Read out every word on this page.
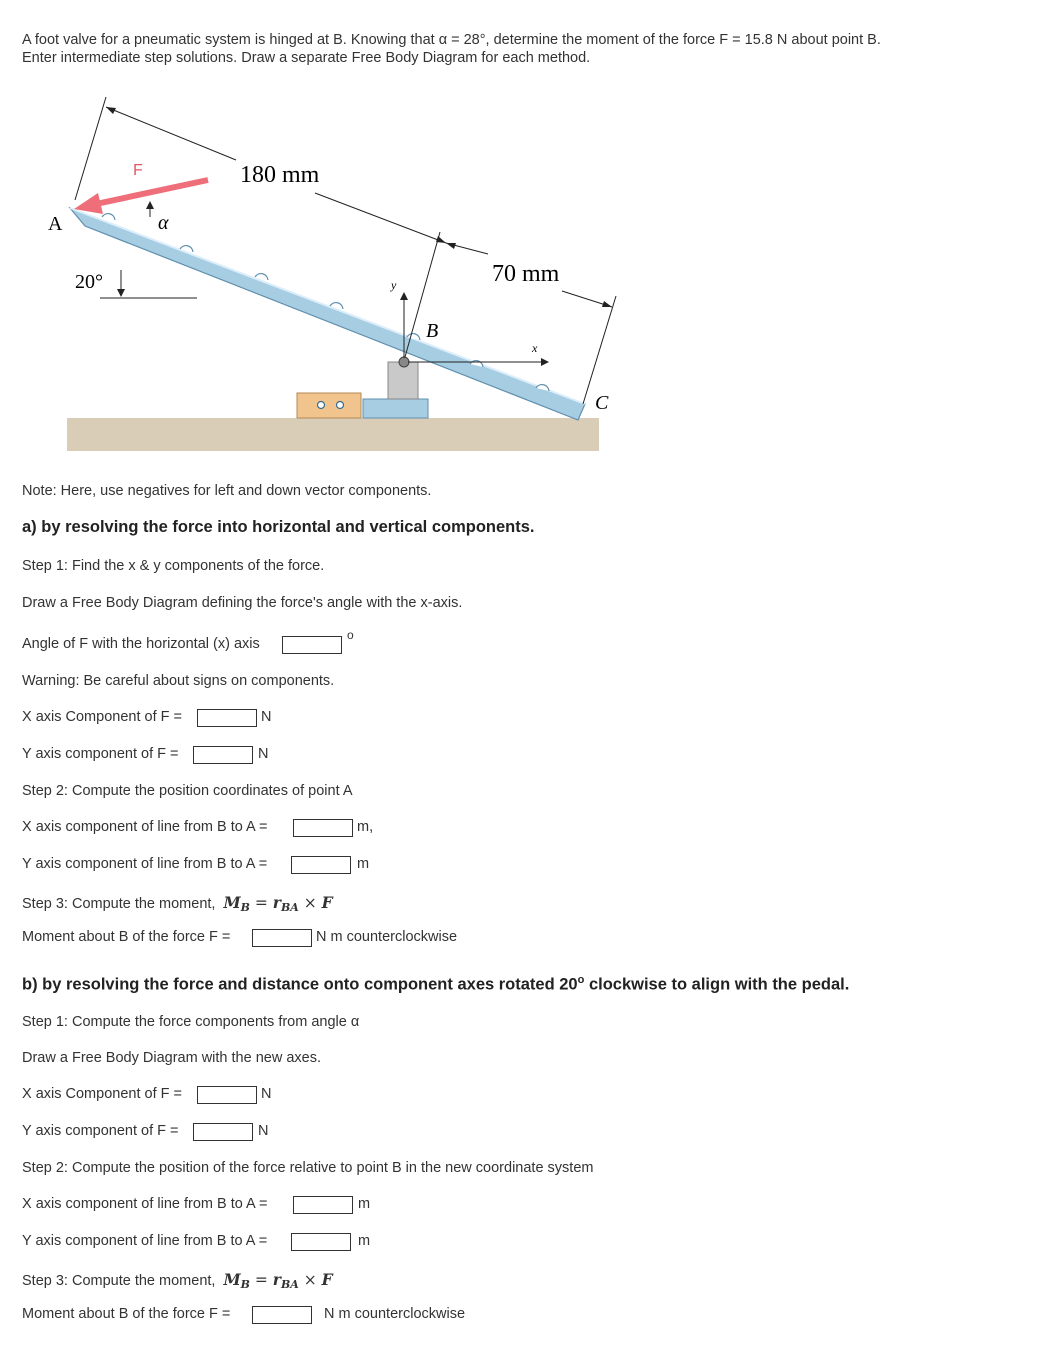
A foot valve for a pneumatic system is hinged at B. Knowing that α = 28°, determine the moment of the force F = 15.8 N about point B.
Enter intermediate step solutions. Draw a separate Free Body Diagram for each method.
A
F
α
20°
180 mm
70 mm
B
C
y
x
Note: Here, use negatives for left and down vector components.
a) by resolving the force into horizontal and vertical components.
Step 1: Find the x & y components of the force.
Draw a Free Body Diagram defining the force's angle with the x-axis.
Angle of F with the horizontal (x) axis
o
Warning: Be careful about signs on components.
X axis Component of F =	N
Y axis component of F =	N
Step 2: Compute the position coordinates of point A
X axis component of line from B to A =	m,
Y axis component of line from B to A =	m
Step 3: Compute the moment, $M_B = r_{BA} \times F$
Moment about B of the force F =	N m counterclockwise
b) by resolving the force and distance onto component axes rotated 20$^o$ clockwise to align with the pedal.
Step 1: Compute the force components from angle α
Draw a Free Body Diagram with the new axes.
X axis Component of F =	N
Y axis component of F =	N
Step 2: Compute the position of the force relative to point B in the new coordinate system
X axis component of line from B to A =	m
Y axis component of line from B to A =	m
Step 3: Compute the moment, $M_B = r_{BA} \times F$
Moment about B of the force F =	N m counterclockwise
